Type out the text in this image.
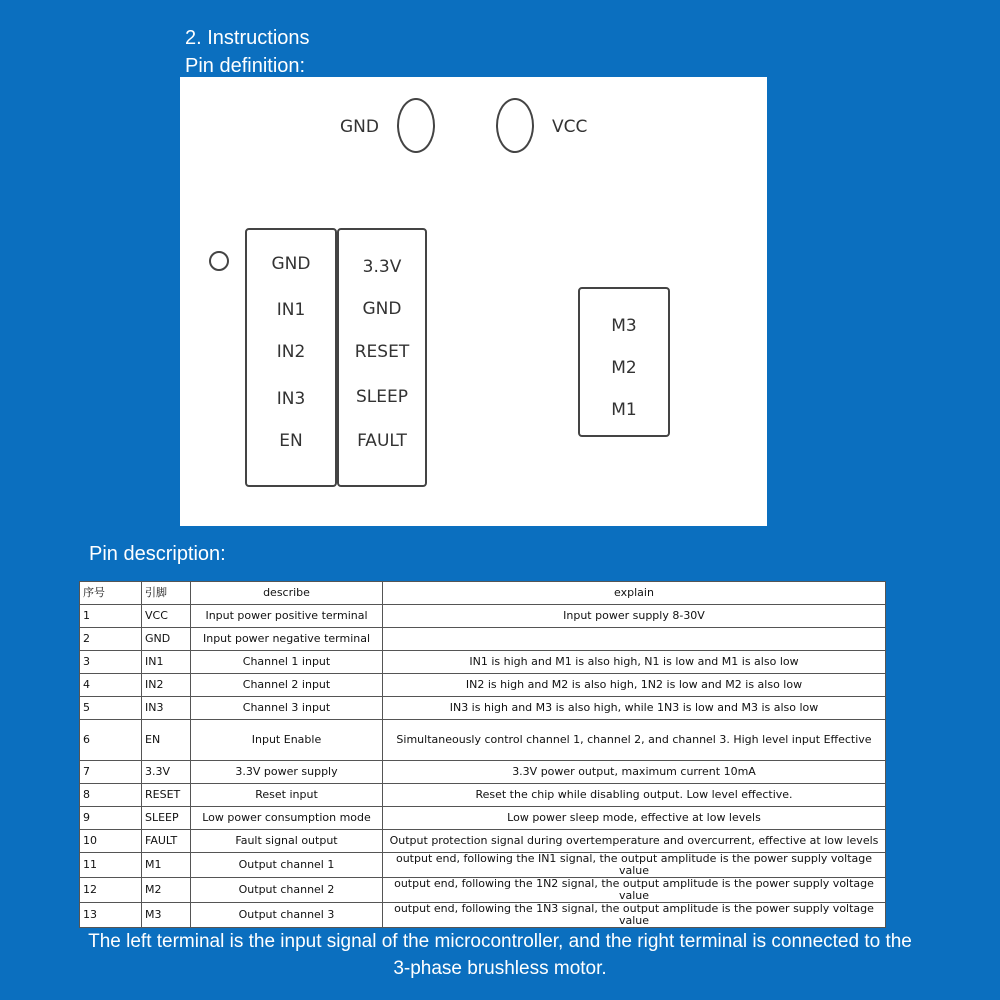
2. Instructions
Pin definition:
GND	VCC
GND
IN1
IN2
IN3
EN
3.3V
GND
RESET
SLEEP
FAULT
M3
M2
M1
Pin description:
序号	引脚	describe	explain
1	VCC	Input power positive terminal	Input power supply 8-30V
2	GND	Input power negative terminal	
3	IN1	Channel 1 input	IN1 is high and M1 is also high, N1 is low and M1 is also low
4	IN2	Channel 2 input	IN2 is high and M2 is also high, 1N2 is low and M2 is also low
5	IN3	Channel 3 input	IN3 is high and M3 is also high, while 1N3 is low and M3 is also low
6	EN	Input Enable	Simultaneously control channel 1, channel 2, and channel 3. High level input Effective
7	3.3V	3.3V power supply	3.3V power output, maximum current 10mA
8	RESET	Reset input	Reset the chip while disabling output. Low level effective.
9	SLEEP	Low power consumption mode	Low power sleep mode, effective at low levels
10	FAULT	Fault signal output	Output protection signal during overtemperature and overcurrent, effective at low levels
11	M1	Output channel 1	output end, following the IN1 signal, the output amplitude is the power supply voltage value
12	M2	Output channel 2	output end, following the 1N2 signal, the output amplitude is the power supply voltage value
13	M3	Output channel 3	output end, following the 1N3 signal, the output amplitude is the power supply voltage value
The left terminal is the input signal of the microcontroller, and the right terminal is connected to the
3-phase brushless motor.
